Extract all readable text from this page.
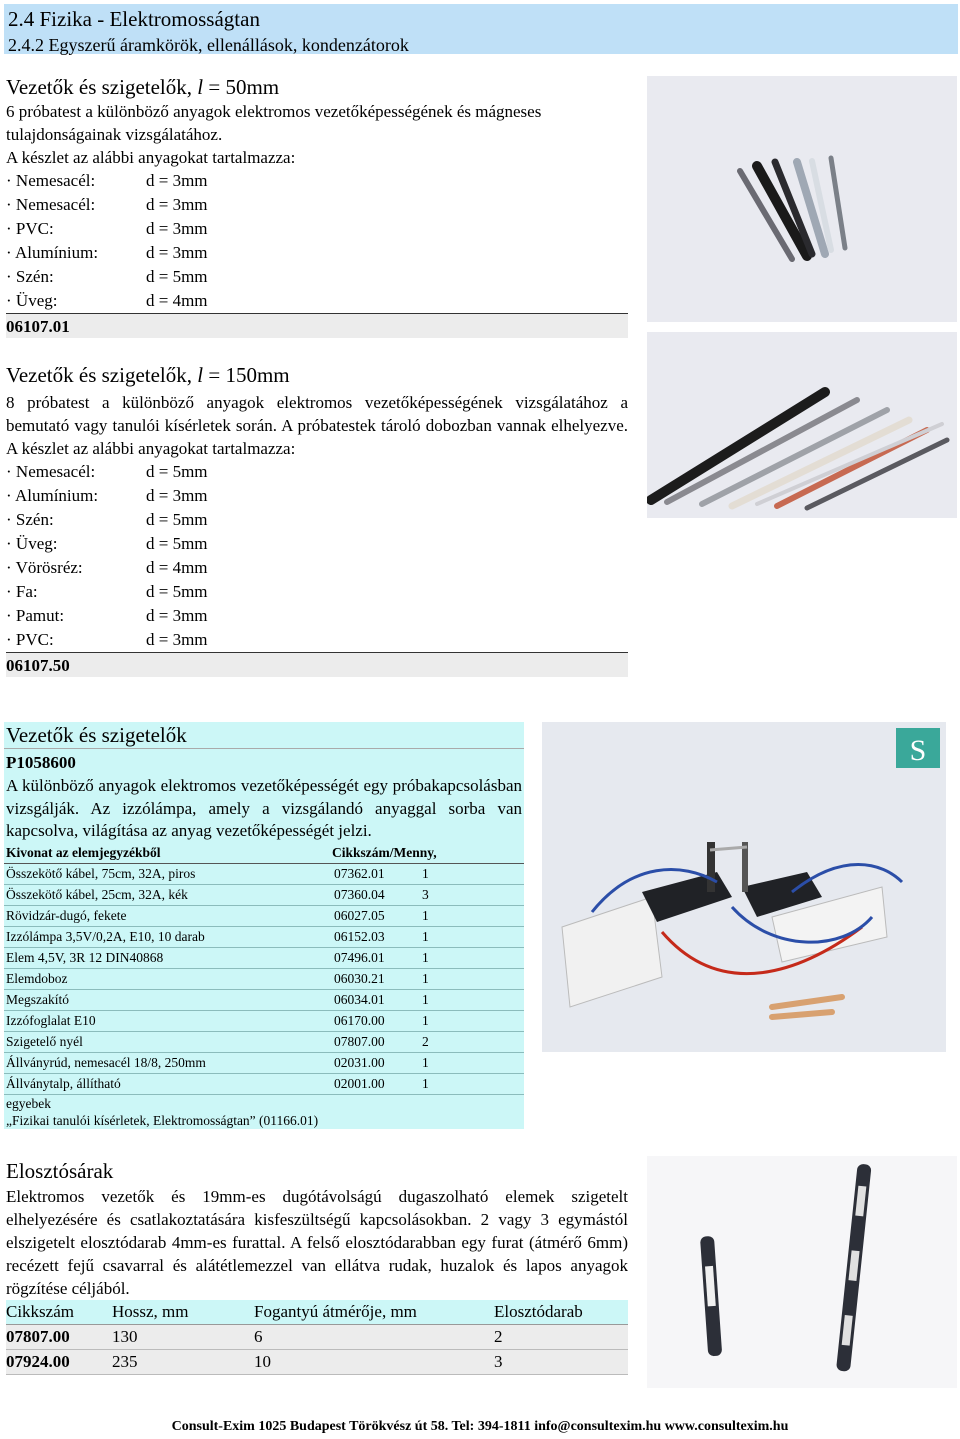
2.4 Fizika - Elektromosságtan
2.4.2 Egyszerű áramkörök, ellenállások, kondenzátorok
Vezetők és szigetelők, l = 50mm
6 próbatest a különböző anyagok elektromos vezetőképességének és mágneses tulajdonságainak vizsgálatához.
A készlet az alábbi anyagokat tartalmazza:
· Nemesacél:	d = 3mm
· Nemesacél:	d = 3mm
· PVC:	d = 3mm
· Alumínium:	d = 3mm
· Szén:	d = 5mm
· Üveg:	d = 4mm
06107.01
Vezetők és szigetelők, l = 150mm
8 próbatest a különböző anyagok elektromos vezetőképességének vizsgálatához a bemutató vagy tanulói kísérletek során. A próbatestek tároló dobozban vannak elhelyezve. A készlet az alábbi anyagokat tartalmazza:
· Nemesacél:	d = 5mm
· Alumínium:	d = 3mm
· Szén:	d = 5mm
· Üveg:	d = 5mm
· Vörösréz:	d = 4mm
· Fa:	d = 5mm
· Pamut:	d = 3mm
· PVC:	d = 3mm
06107.50
Vezetők és szigetelők
P1058600
A különböző anyagok elektromos vezetőképességét egy próbakapcsolásban vizsgálják. Az izzólámpa, amely a vizsgálandó anyaggal sorba van kapcsolva, világítása az anyag vezetőképességét jelzi.
Kivonat az elemjegyzékből	Cikkszám/Menny,	
Összekötő kábel, 75cm, 32A, piros	07362.01	1
Összekötő kábel, 25cm, 32A, kék	07360.04	3
Rövidzár-dugó, fekete	06027.05	1
Izzólámpa 3,5V/0,2A, E10, 10 darab	06152.03	1
Elem 4,5V, 3R 12 DIN40868	07496.01	1
Elemdoboz	06030.21	1
Megszakító	06034.01	1
Izzófoglalat E10	06170.00	1
Szigetelő nyél	07807.00	2
Állványrúd, nemesacél 18/8, 250mm	02031.00	1
Állványtalp, állítható	02001.00	1
egyebek
„Fizikai tanulói kísérletek, Elektromosságtan” (01166.01)
S
Elosztósárak
Elektromos vezetők és 19mm-es dugótávolságú dugaszolható elemek szigetelt elhelyezésére és csatlakoztatására kisfeszültségű kapcsolásokban. 2 vagy 3 egymástól elszigetelt elosztódarab 4mm-es furattal. A felső elosztódarabban egy furat (átmérő 6mm) recézett fejű csavarral és alátétlemezzel van ellátva rudak, huzalok és lapos anyagok rögzítése céljából.
Cikkszám	Hossz, mm	Fogantyú átmérője, mm	Elosztódarab
07807.00	130	6	2
07924.00	235	10	3
Consult-Exim 1025 Budapest Törökvész út 58. Tel: 394-1811 info@consultexim.hu www.consultexim.hu
